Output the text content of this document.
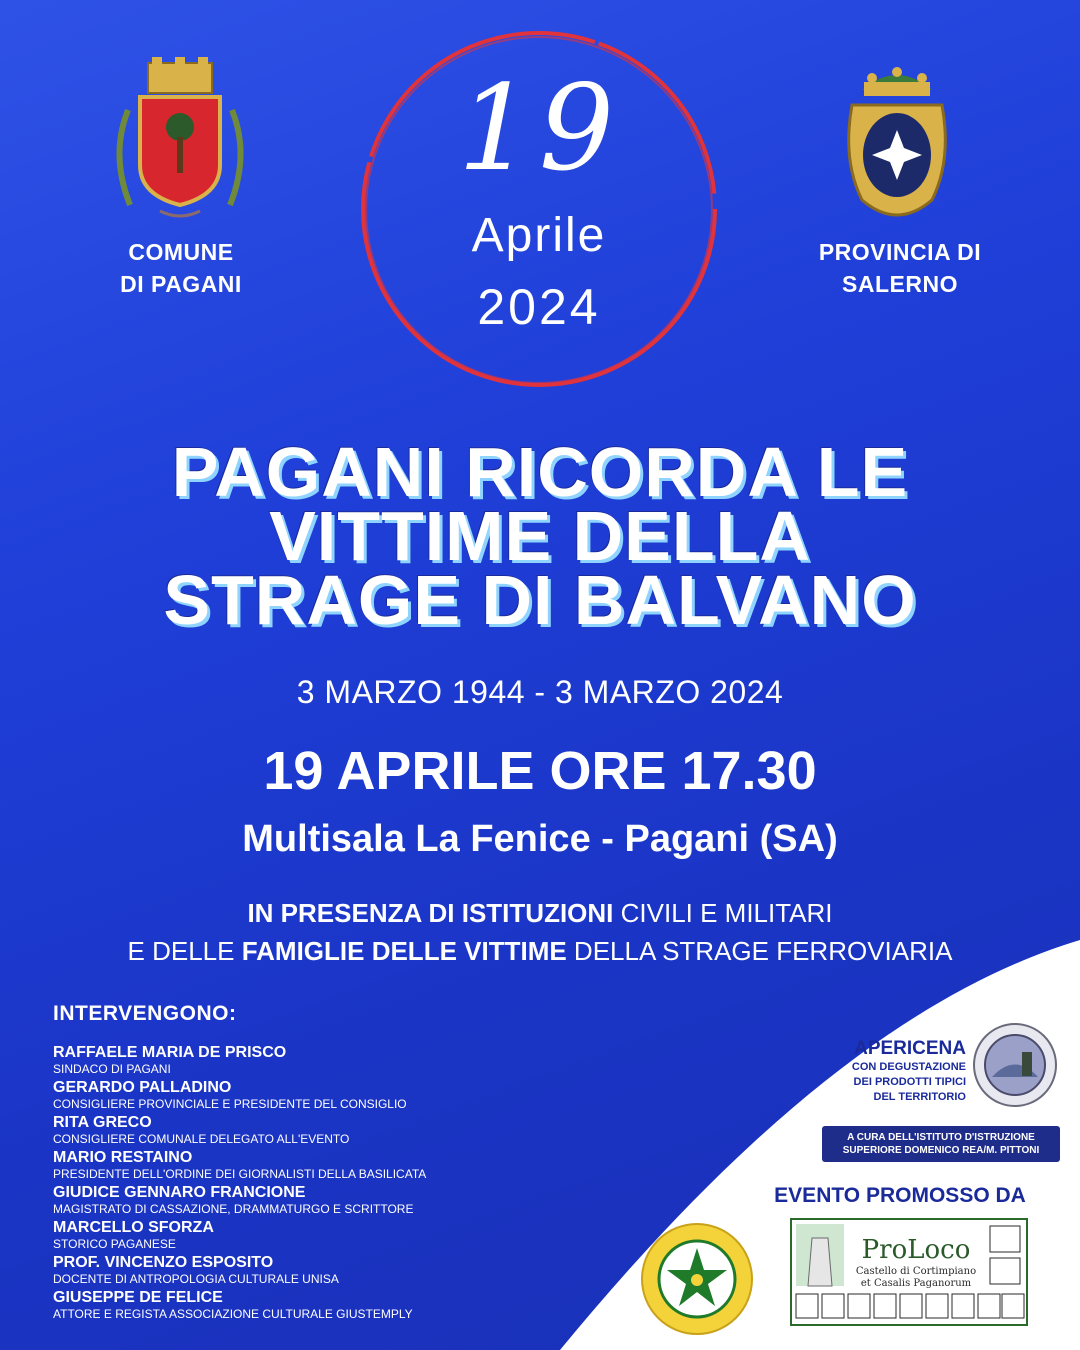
COMUNE
DI PAGANI
PROVINCIA DI
SALERNO
19
Aprile
2024
PAGANI RICORDA LE
VITTIME DELLA
STRAGE DI BALVANO
3 MARZO 1944 - 3 MARZO 2024
19 APRILE ORE 17.30
Multisala La Fenice - Pagani (SA)
IN PRESENZA DI ISTITUZIONI CIVILI E MILITARI
E DELLE FAMIGLIE DELLE VITTIME DELLA STRAGE FERROVIARIA
INTERVENGONO:
RAFFAELE MARIA DE PRISCO
SINDACO DI PAGANI
GERARDO PALLADINO
CONSIGLIERE PROVINCIALE E PRESIDENTE DEL CONSIGLIO
RITA GRECO
CONSIGLIERE COMUNALE DELEGATO ALL'EVENTO
MARIO RESTAINO
PRESIDENTE DELL'ORDINE DEI GIORNALISTI DELLA BASILICATA
GIUDICE GENNARO FRANCIONE
MAGISTRATO DI CASSAZIONE, DRAMMATURGO E SCRITTORE
MARCELLO SFORZA
STORICO PAGANESE
PROF. VINCENZO ESPOSITO
DOCENTE DI ANTROPOLOGIA CULTURALE UNISA
GIUSEPPE DE FELICE
ATTORE E REGISTA ASSOCIAZIONE CULTURALE GIUSTEMPLY
APERICENA
CON DEGUSTAZIONE
DEI PRODOTTI TIPICI
DEL TERRITORIO
A CURA DELL'ISTITUTO D'ISTRUZIONE
SUPERIORE DOMENICO REA/M. PITTONI
EVENTO PROMOSSO DA
ProLoco
Castello di Cortimpiano
et Casalis Paganorum
